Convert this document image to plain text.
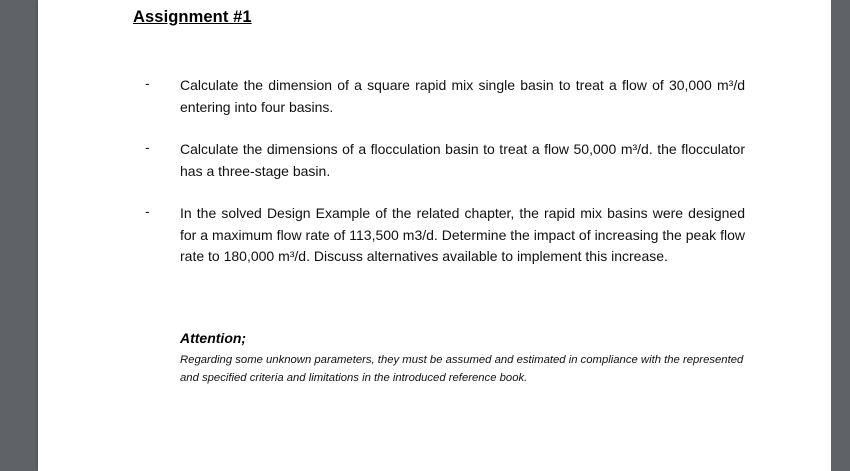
Assignment #1
- Calculate the dimension of a square rapid mix single basin to treat a flow of 30,000 m³/d entering into four basins.
- Calculate the dimensions of a flocculation basin to treat a flow 50,000 m³/d. the flocculator has a three-stage basin.
- In the solved Design Example of the related chapter, the rapid mix basins were designed for a maximum flow rate of 113,500 m3/d. Determine the impact of increasing the peak flow rate to 180,000 m³/d. Discuss alternatives available to implement this increase.
Attention;
Regarding some unknown parameters, they must be assumed and estimated in compliance with the represented and specified criteria and limitations in the introduced reference book.
